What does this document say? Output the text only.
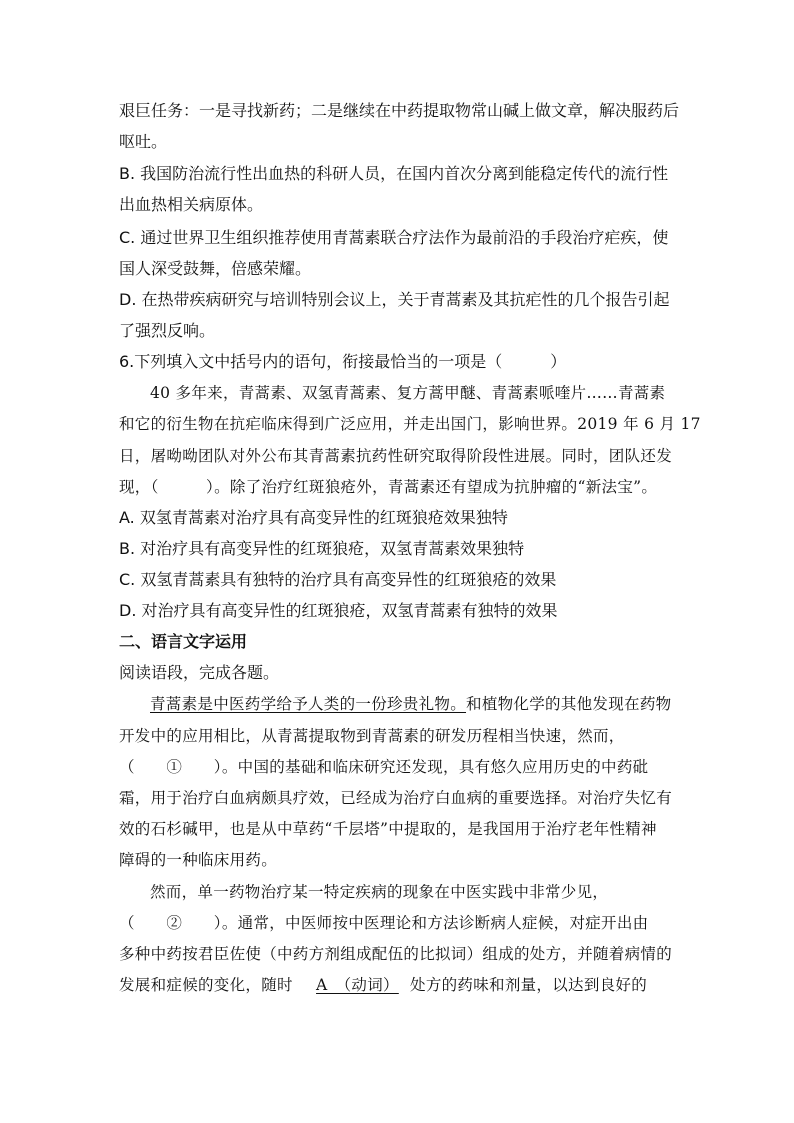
艰巨任务：一是寻找新药；二是继续在中药提取物常山碱上做文章，解决服药后
呕吐。
B. 我国防治流行性出血热的科研人员，在国内首次分离到能稳定传代的流行性
出血热相关病原体。
C. 通过世界卫生组织推荐使用青蒿素联合疗法作为最前沿的手段治疗疟疾，使
国人深受鼓舞，倍感荣耀。
D. 在热带疾病研究与培训特别会议上，关于青蒿素及其抗疟性的几个报告引起
了强烈反响。
6.下列填入文中括号内的语句，衔接最恰当的一项是（　　　）
40 多年来，青蒿素、双氢青蒿素、复方蒿甲醚、青蒿素哌喹片……青蒿素
和它的衍生物在抗疟临床得到广泛应用，并走出国门，影响世界。2019 年 6 月 17
日，屠呦呦团队对外公布其青蒿素抗药性研究取得阶段性进展。同时，团队还发
现，（　　　）。除了治疗红斑狼疮外，青蒿素还有望成为抗肿瘤的“新法宝”。
A. 双氢青蒿素对治疗具有高变异性的红斑狼疮效果独特
B. 对治疗具有高变异性的红斑狼疮，双氢青蒿素效果独特
C. 双氢青蒿素具有独特的治疗具有高变异性的红斑狼疮的效果
D. 对治疗具有高变异性的红斑狼疮，双氢青蒿素有独特的效果
二、语言文字运用
阅读语段，完成各题。
青蒿素是中医药学给予人类的一份珍贵礼物。和植物化学的其他发现在药物
开发中的应用相比，从青蒿提取物到青蒿素的研发历程相当快速，然而，
（　　①　　）。中国的基础和临床研究还发现，具有悠久应用历史的中药砒
霜，用于治疗白血病颇具疗效，已经成为治疗白血病的重要选择。对治疗失忆有
效的石杉碱甲，也是从中草药“千层塔”中提取的，是我国用于治疗老年性精神
障碍的一种临床用药。
然而，单一药物治疗某一特定疾病的现象在中医实践中非常少见，
（　　②　　）。通常，中医师按中医理论和方法诊断病人症候，对症开出由
多种中药按君臣佐使（中药方剂组成配伍的比拟词）组成的处方，并随着病情的
发展和症候的变化，随时 A　（动词） 处方的药味和剂量，以达到良好的
